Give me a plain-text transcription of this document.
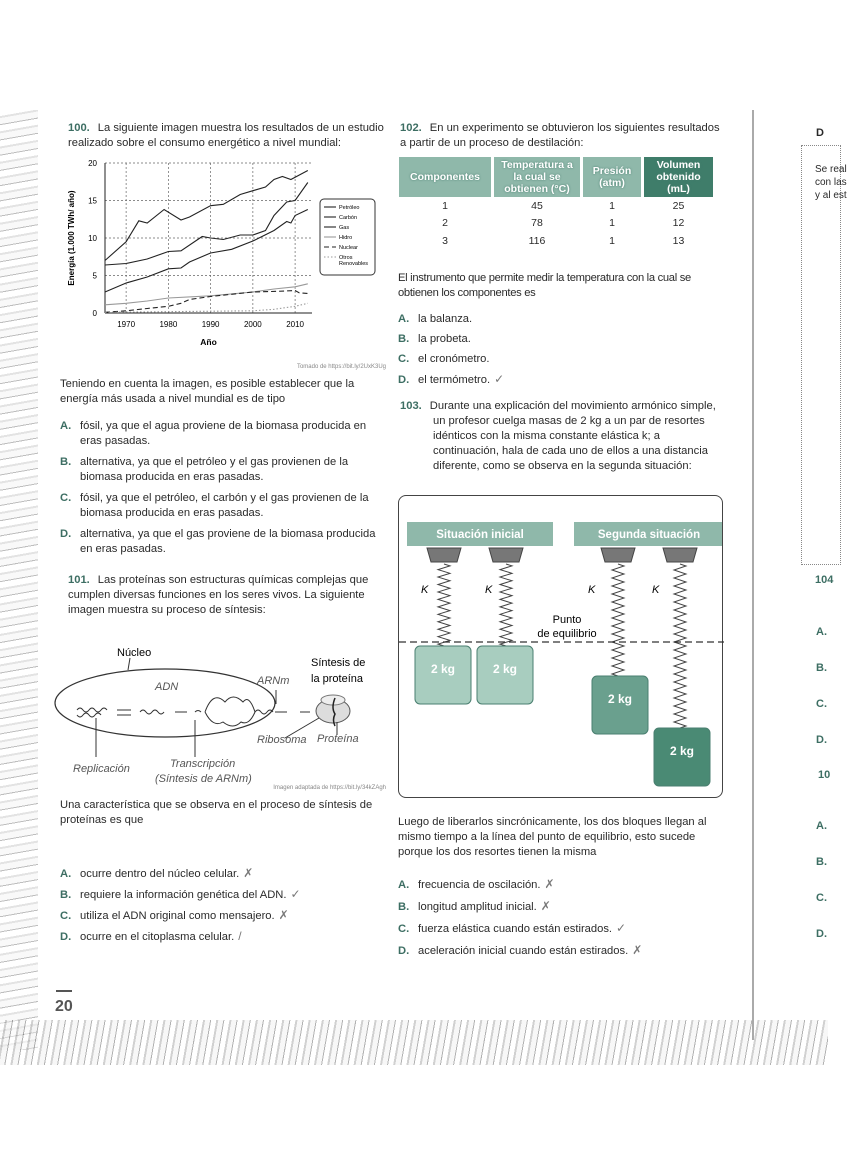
100. La siguiente imagen muestra los resultados de un estudio realizado sobre el consumo energético a nivel mundial:
0
5
10
15
20
1970	1980	1990	2000	2010
Año
Energía (1.000 TWh/ año)	Petróleo
Carbón
Gas
Hidro
Nuclear
Otros
Renovables
Tomado de https://bit.ly/2UxK3Ug
Teniendo en cuenta la imagen, es posible establecer que la energía más usada a nivel mundial es de tipo
A. fósil, ya que el agua proviene de la biomasa producida en eras pasadas.
B. alternativa, ya que el petróleo y el gas provienen de la biomasa producida en eras pasadas.
C. fósil, ya que el petróleo, el carbón y el gas provienen de la biomasa producida en eras pasadas.
D. alternativa, ya que el gas proviene de la biomasa producida en eras pasadas.
101. Las proteínas son estructuras químicas complejas que cumplen diversas funciones en los seres vivos. La siguiente imagen muestra su proceso de síntesis:
Núcleo
ADN	ARNm
Síntesis de
la proteína
Ribosoma Proteína
Replicación	Transcripción
(Síntesis de ARNm)
Imagen adaptada de https://bit.ly/34kZAgh
Una característica que se observa en el proceso de síntesis de proteínas es que
A. ocurre dentro del núcleo celular. ✗
B. requiere la información genética del ADN. ✓
C. utiliza el ADN original como mensajero. ✗
D. ocurre en el citoplasma celular. /
20
102. En un experimento se obtuvieron los siguientes resultados a partir de un proceso de destilación:
Componentes	Temperatura a la cual se obtienen (°C)	Presión (atm)	Volumen obtenido (mL)
1	45	1	25
2	78	1	12
3	116	1	13
El instrumento que permite medir la temperatura con la cual se obtienen los componentes es
A. la balanza.
B. la probeta.
C. el cronómetro.
D. el termómetro. ✓
103. Durante una explicación del movimiento armónico simple, un profesor cuelga masas de 2 kg a un par de resortes idénticos con la misma constante elástica k; a continuación, hala de cada uno de ellos a una distancia diferente, como se observa en la segunda situación:
Situación inicial	Segunda situación
2 kg	2 kg
2 kg
2 kg
K	K	K	K
Punto
de equilibrio
Luego de liberarlos sincrónicamente, los dos bloques llegan al mismo tiempo a la línea del punto de equilibrio, esto sucede porque los dos resortes tienen la misma
A. frecuencia de oscilación. ✗
B. longitud amplitud inicial. ✗
C. fuerza elástica cuando están estirados. ✓
D. aceleración inicial cuando están estirados. ✗
D
Se real
con las
y al est
104
A.
B.
C.
D.
10
A.
B.
C.
D.
